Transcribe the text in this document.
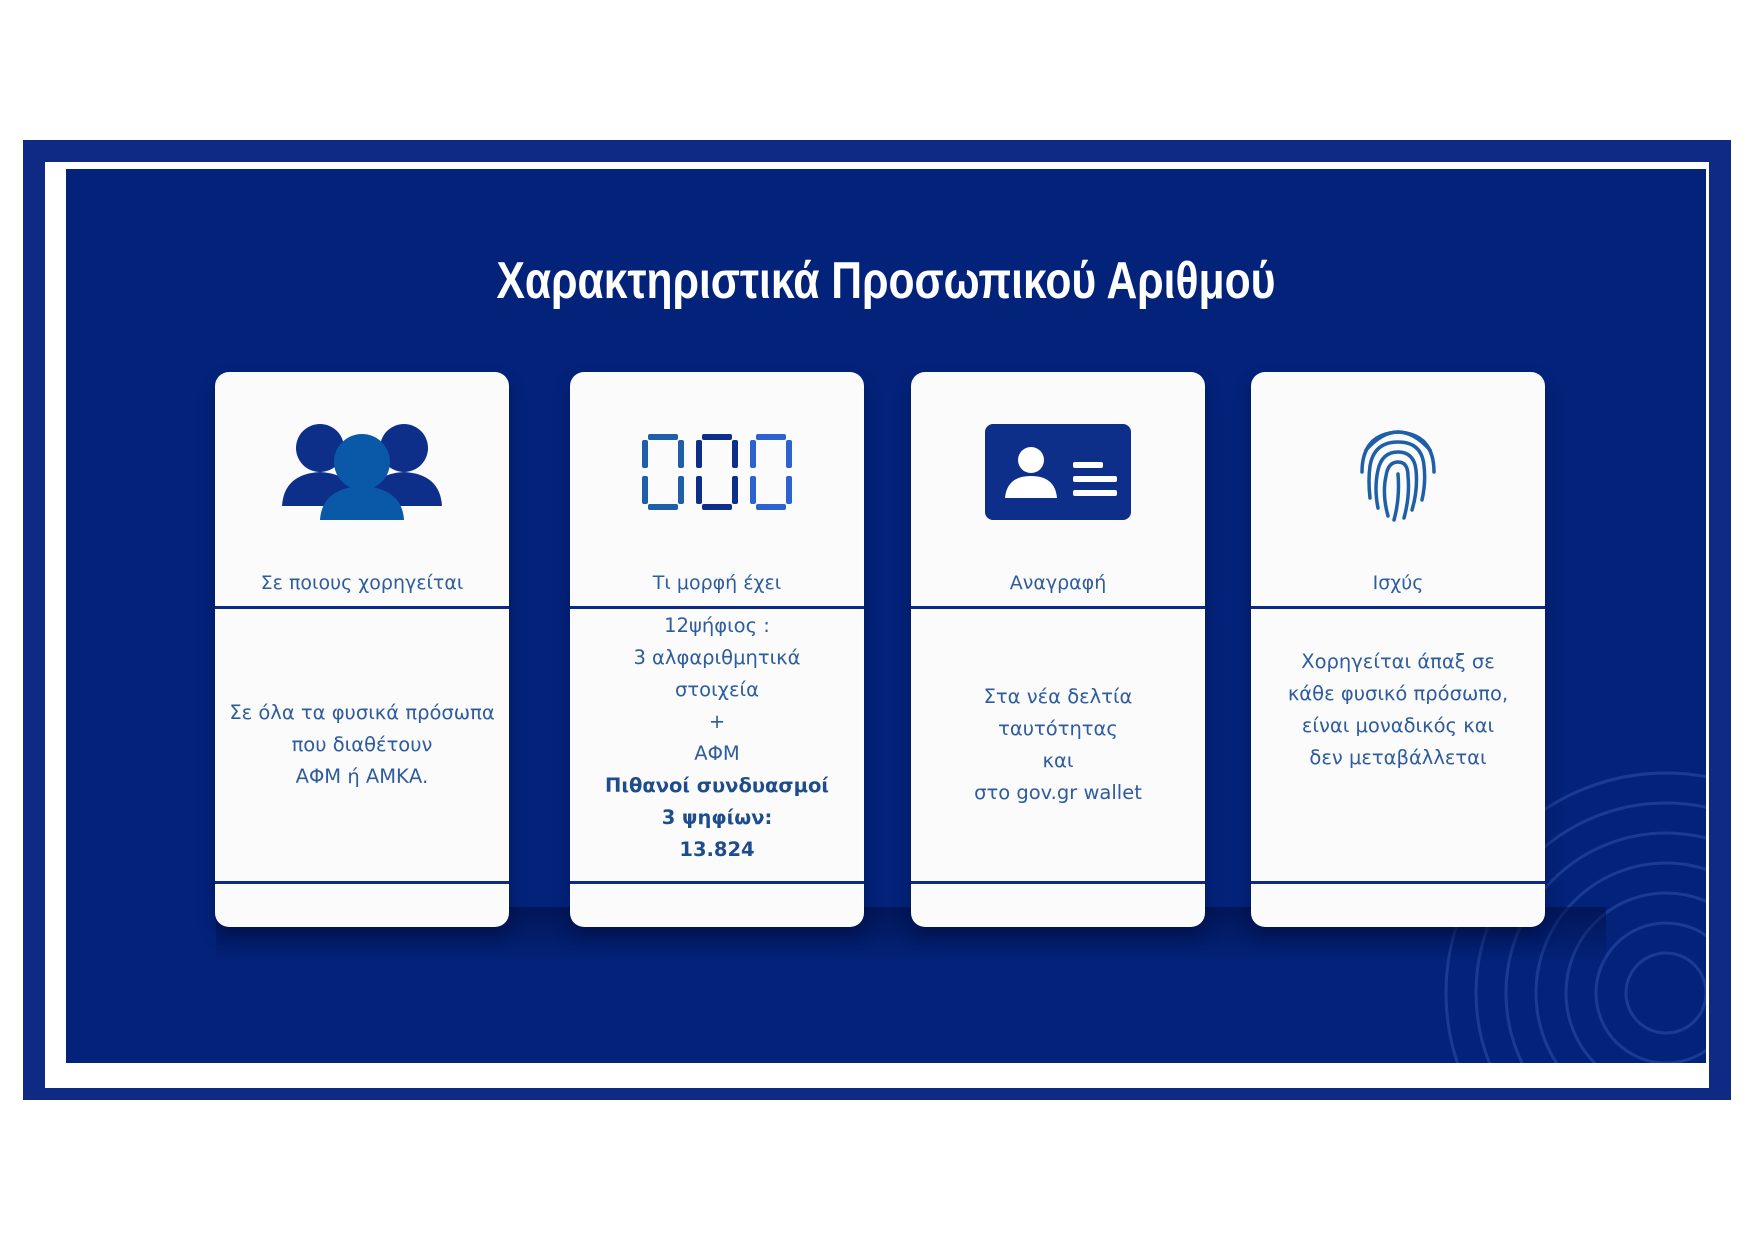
Χαρακτηριστικά Προσωπικού Αριθμού
Σε ποιους χορηγείται
Σε όλα τα φυσικά πρόσωπα
που διαθέτουν
ΑΦΜ ή ΑΜΚΑ.
Τι μορφή έχει
12ψήφιος :
3 αλφαριθμητικά
στοιχεία
+
ΑΦΜ
Πιθανοί συνδυασμοί
3 ψηφίων:
13.824
Αναγραφή
Στα νέα δελτία
ταυτότητας
και
στο gov.gr wallet
Ισχύς
Χορηγείται άπαξ σε
κάθε φυσικό πρόσωπο,
είναι μοναδικός και
δεν μεταβάλλεται
